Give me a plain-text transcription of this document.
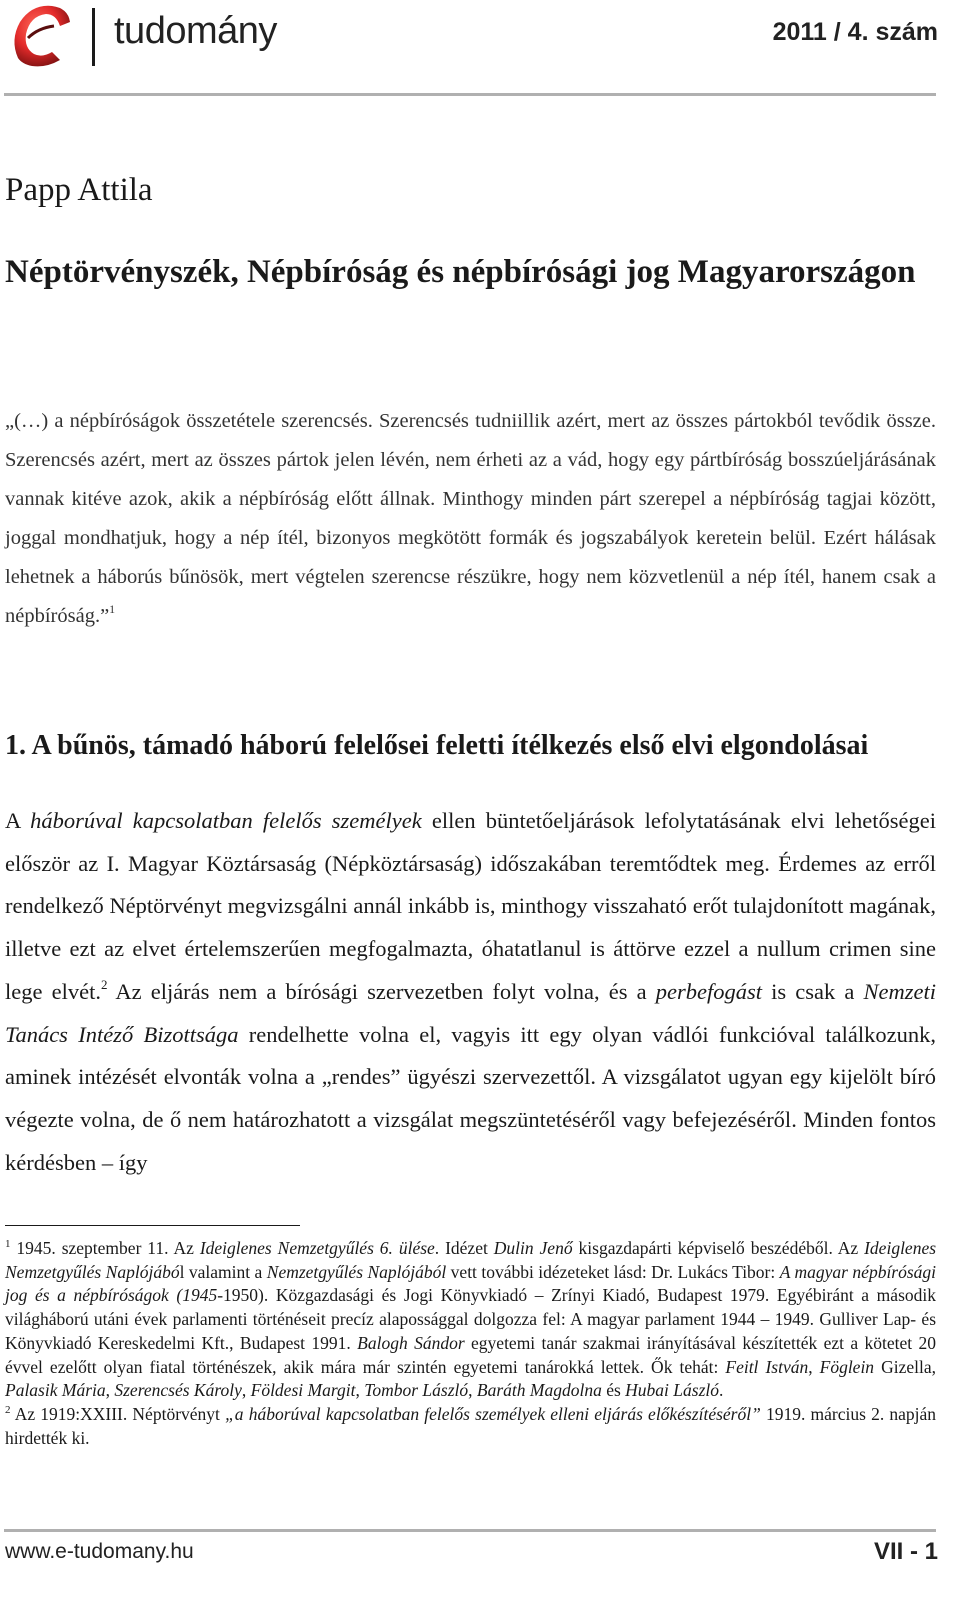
tudomány	2011 / 4. szám
Papp Attila
Néptörvényszék, Népbíróság és népbírósági jog Magyarországon

„(…) a népbíróságok összetétele szerencsés. Szerencsés tudniillik azért, mert az összes pártokból tevődik össze. Szerencsés azért, mert az összes pártok jelen lévén, nem érheti az a vád, hogy egy pártbíróság bosszúeljárásának vannak kitéve azok, akik a népbíróság előtt állnak. Minthogy minden párt szerepel a népbíróság tagjai között, joggal mondhatjuk, hogy a nép ítél, bizonyos megkötött formák és jogszabályok keretein belül. Ezért hálásak lehetnek a háborús bűnösök, mert végtelen szerencse részükre, hogy nem közvetlenül a nép ítél, hanem csak a népbíróság.”$^1$

1. A bűnös, támadó háború felelősei feletti ítélkezés első elvi elgondolásai

A háborúval kapcsolatban felelős személyek ellen büntetőeljárások lefolytatásának elvi lehetőségei először az I. Magyar Köztársaság (Népköztársaság) időszakában teremtődtek meg. Érdemes az erről rendelkező Néptörvényt megvizsgálni annál inkább is, minthogy visszaható erőt tulajdonított magának, illetve ezt az elvet értelemszerűen megfogalmazta, óhatatlanul is áttörve ezzel a nullum crimen sine lege elvét.$^2$ Az eljárás nem a bírósági szervezetben folyt volna, és a perbefogást is csak a Nemzeti Tanács Intéző Bizottsága rendelhette volna el, vagyis itt egy olyan vádlói funkcióval találkozunk, aminek intézését elvonták volna a „rendes” ügyészi szervezettől. A vizsgálatot ugyan egy kijelölt bíró végezte volna, de ő nem határozhatott a vizsgálat megszüntetéséről vagy befejezéséről. Minden fontos kérdésben – így

$^1$ 1945. szeptember 11. Az Ideiglenes Nemzetgyűlés 6. ülése. Idézet Dulin Jenő kisgazdapárti képviselő beszédéből. Az Ideiglenes Nemzetgyűlés Naplójából valamint a Nemzetgyűlés Naplójából vett további idézeteket lásd: Dr. Lukács Tibor: A magyar népbírósági jog és a népbíróságok (1945-1950). Közgazdasági és Jogi Könyvkiadó – Zrínyi Kiadó, Budapest 1979. Egyébiránt a második világháború utáni évek parlamenti történéseit precíz alapossággal dolgozza fel: A magyar parlament 1944 – 1949. Gulliver Lap- és Könyvkiadó Kereskedelmi Kft., Budapest 1991. Balogh Sándor egyetemi tanár szakmai irányításával készítették ezt a kötetet 20 évvel ezelőtt olyan fiatal történészek, akik mára már szintén egyetemi tanárokká lettek. Ők tehát: Feitl István, Föglein Gizella, Palasik Mária, Szerencsés Károly, Földesi Margit, Tombor László, Baráth Magdolna és Hubai László.

$^2$ Az 1919:XXIII. Néptörvényt „a háborúval kapcsolatban felelős személyek elleni eljárás előkészítéséről” 1919. március 2. napján hirdették ki.

www.e-tudomany.hu	VII - 1
